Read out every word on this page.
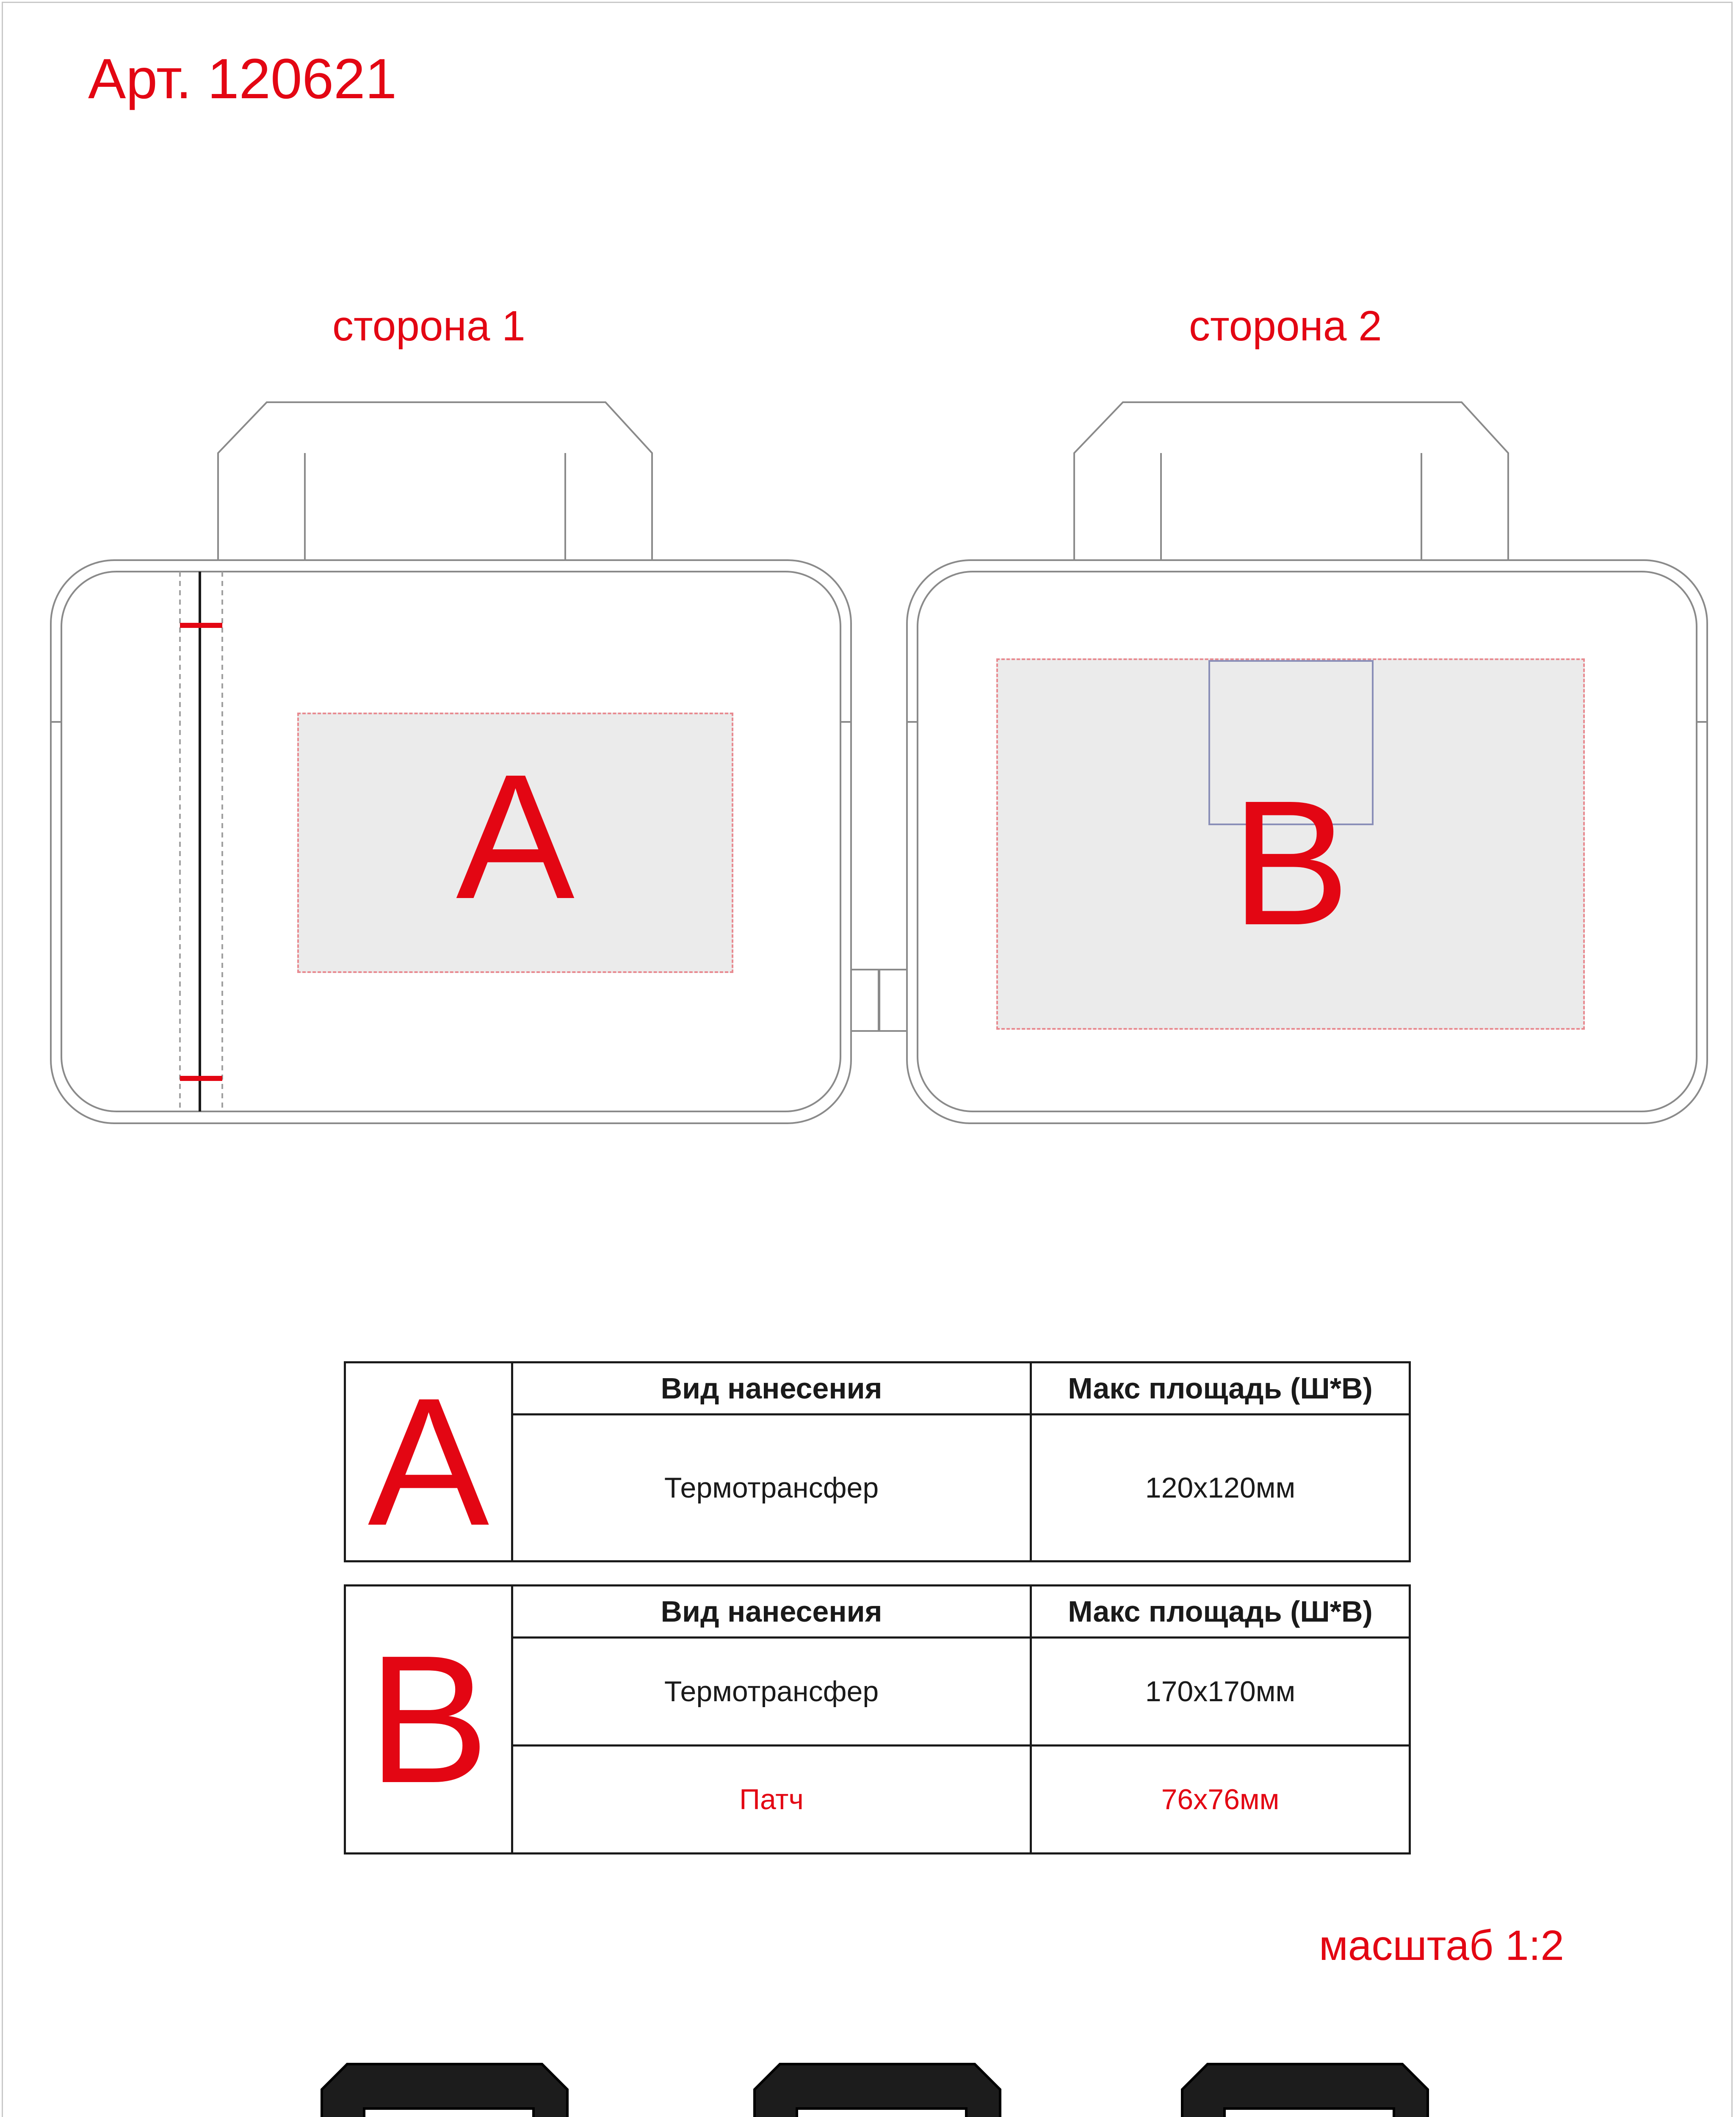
Арт. 120621
сторона 1	сторона 2
A	B
A	Вид нанесения	Макс площадь (Ш*В)
	Термотрансфер	120х120мм
B	Вид нанесения	Макс площадь (Ш*В)
	Термотрансфер	170х170мм
	Патч	76х76мм
масштаб 1:2
